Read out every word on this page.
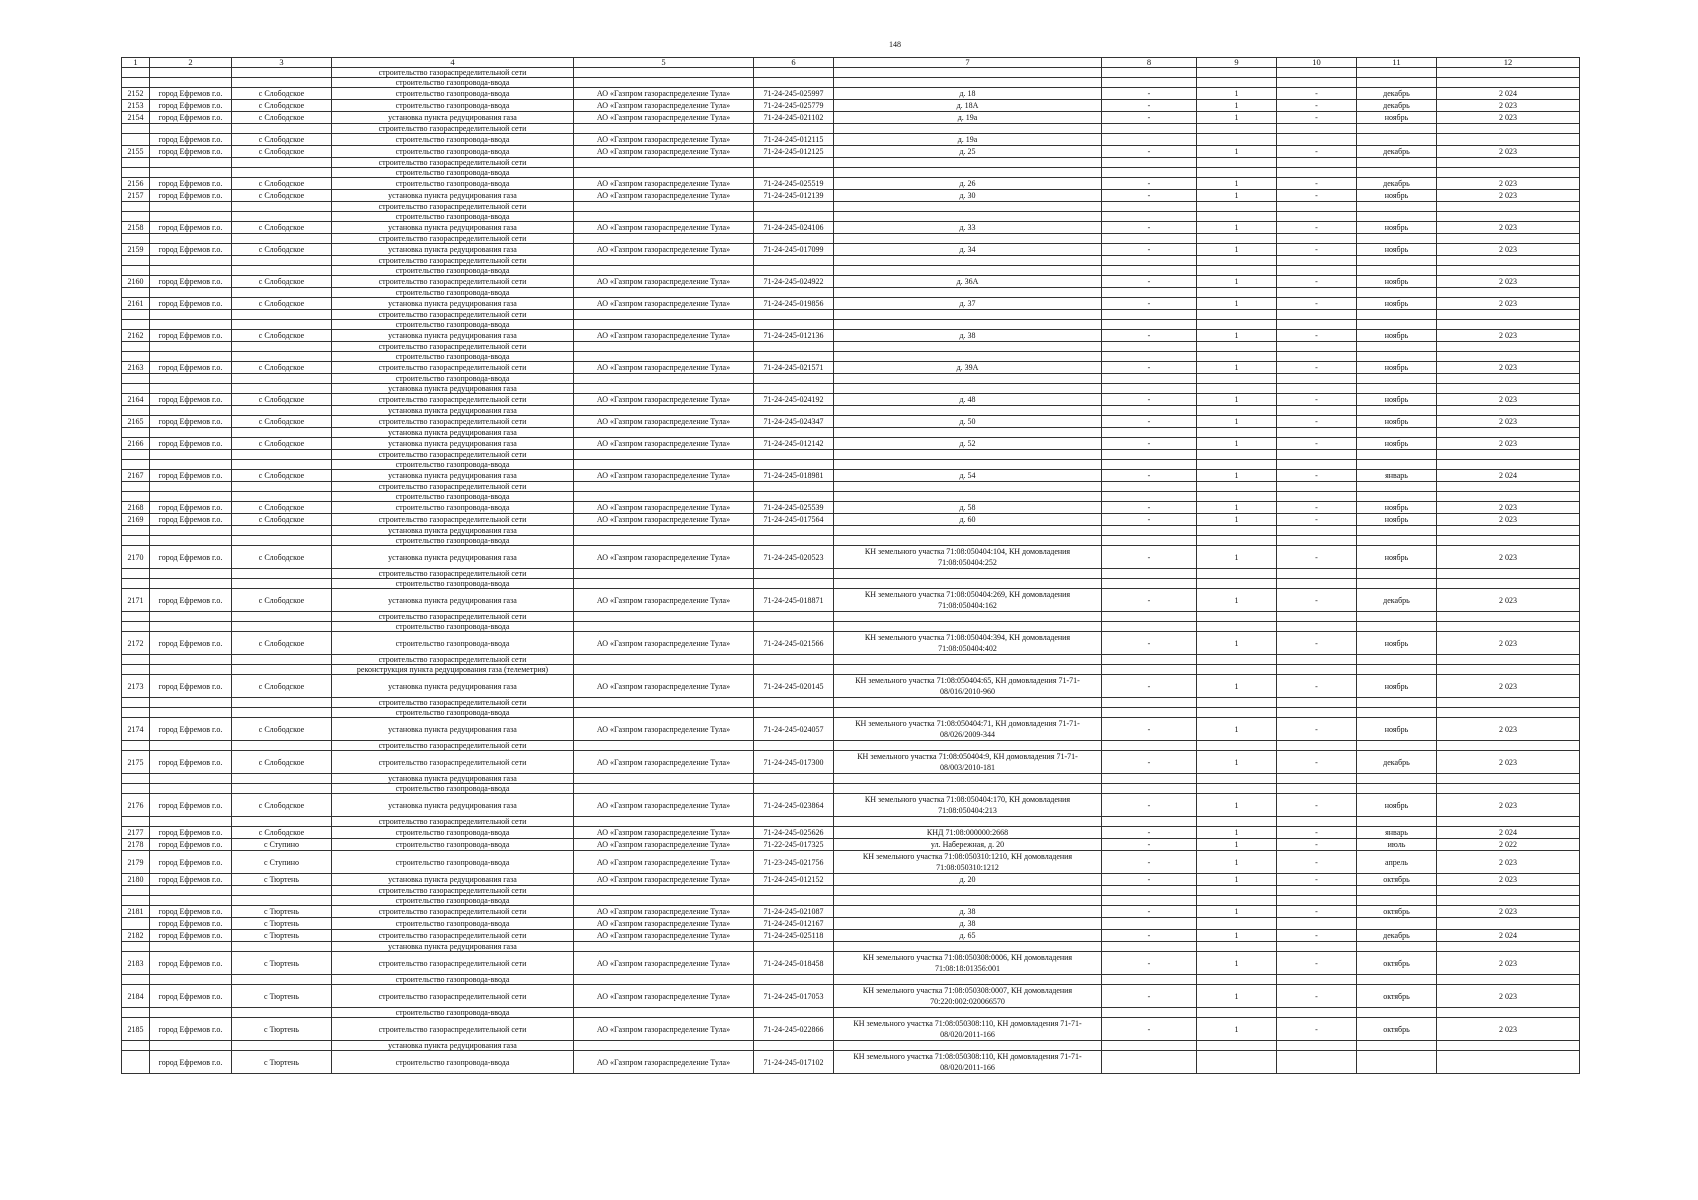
148
1	2	3	4	5	6	7	8	9	10	11	12
			строительство газораспределительной сети								
			строительство газопровода-ввода								
2152	город Ефремов г.о.	с Слободское	строительство газопровода-ввода	АО «Газпром газораспределение Тула»	71-24-245-025997	д. 18	-	1	-	декабрь	2 024
2153	город Ефремов г.о.	с Слободское	строительство газопровода-ввода	АО «Газпром газораспределение Тула»	71-24-245-025779	д. 18А	-	1	-	декабрь	2 023
2154	город Ефремов г.о.	с Слободское	установка пункта редуцирования газа	АО «Газпром газораспределение Тула»	71-24-245-021102	д. 19а	-	1	-	ноябрь	2 023
			строительство газораспределительной сети								
	город Ефремов г.о.	с Слободское	строительство газопровода-ввода	АО «Газпром газораспределение Тула»	71-24-245-012115	д. 19а					
2155	город Ефремов г.о.	с Слободское	строительство газопровода-ввода	АО «Газпром газораспределение Тула»	71-24-245-012125	д. 25	-	1	-	декабрь	2 023
			строительство газораспределительной сети								
			строительство газопровода-ввода								
2156	город Ефремов г.о.	с Слободское	строительство газопровода-ввода	АО «Газпром газораспределение Тула»	71-24-245-025519	д. 26	-	1	-	декабрь	2 023
2157	город Ефремов г.о.	с Слободское	установка пункта редуцирования газа	АО «Газпром газораспределение Тула»	71-24-245-012139	д. 30	-	1	-	ноябрь	2 023
			строительство газораспределительной сети								
			строительство газопровода-ввода								
2158	город Ефремов г.о.	с Слободское	установка пункта редуцирования газа	АО «Газпром газораспределение Тула»	71-24-245-024106	д. 33	-	1	-	ноябрь	2 023
			строительство газораспределительной сети								
2159	город Ефремов г.о.	с Слободское	установка пункта редуцирования газа	АО «Газпром газораспределение Тула»	71-24-245-017099	д. 34	-	1	-	ноябрь	2 023
			строительство газораспределительной сети								
			строительство газопровода-ввода								
2160	город Ефремов г.о.	с Слободское	строительство газораспределительной сети	АО «Газпром газораспределение Тула»	71-24-245-024922	д. 36А	-	1	-	ноябрь	2 023
			строительство газопровода-ввода								
2161	город Ефремов г.о.	с Слободское	установка пункта редуцирования газа	АО «Газпром газораспределение Тула»	71-24-245-019856	д. 37	-	1	-	ноябрь	2 023
			строительство газораспределительной сети								
			строительство газопровода-ввода								
2162	город Ефремов г.о.	с Слободское	установка пункта редуцирования газа	АО «Газпром газораспределение Тула»	71-24-245-012136	д. 38	-	1	-	ноябрь	2 023
			строительство газораспределительной сети								
			строительство газопровода-ввода								
2163	город Ефремов г.о.	с Слободское	строительство газораспределительной сети	АО «Газпром газораспределение Тула»	71-24-245-021571	д. 39А	-	1	-	ноябрь	2 023
			строительство газопровода-ввода								
			установка пункта редуцирования газа								
2164	город Ефремов г.о.	с Слободское	строительство газораспределительной сети	АО «Газпром газораспределение Тула»	71-24-245-024192	д. 48	-	1	-	ноябрь	2 023
			установка пункта редуцирования газа								
2165	город Ефремов г.о.	с Слободское	строительство газораспределительной сети	АО «Газпром газораспределение Тула»	71-24-245-024347	д. 50	-	1	-	ноябрь	2 023
			установка пункта редуцирования газа								
2166	город Ефремов г.о.	с Слободское	установка пункта редуцирования газа	АО «Газпром газораспределение Тула»	71-24-245-012142	д. 52	-	1	-	ноябрь	2 023
			строительство газораспределительной сети								
			строительство газопровода-ввода								
2167	город Ефремов г.о.	с Слободское	установка пункта редуцирования газа	АО «Газпром газораспределение Тула»	71-24-245-018981	д. 54	-	1	-	январь	2 024
			строительство газораспределительной сети								
			строительство газопровода-ввода								
2168	город Ефремов г.о.	с Слободское	строительство газопровода-ввода	АО «Газпром газораспределение Тула»	71-24-245-025539	д. 58	-	1	-	ноябрь	2 023
2169	город Ефремов г.о.	с Слободское	строительство газораспределительной сети	АО «Газпром газораспределение Тула»	71-24-245-017564	д. 60	-	1	-	ноябрь	2 023
			установка пункта редуцирования газа								
			строительство газопровода-ввода								
2170	город Ефремов г.о.	с Слободское	установка пункта редуцирования газа	АО «Газпром газораспределение Тула»	71-24-245-020523	КН земельного участка 71:08:050404:104, КН домовладения 71:08:050404:252	-	1	-	ноябрь	2 023
			строительство газораспределительной сети								
			строительство газопровода-ввода								
2171	город Ефремов г.о.	с Слободское	установка пункта редуцирования газа	АО «Газпром газораспределение Тула»	71-24-245-018871	КН земельного участка 71:08:050404:269, КН домовладения 71:08:050404:162	-	1	-	декабрь	2 023
			строительство газораспределительной сети								
			строительство газопровода-ввода								
2172	город Ефремов г.о.	с Слободское	строительство газопровода-ввода	АО «Газпром газораспределение Тула»	71-24-245-021566	КН земельного участка 71:08:050404:394, КН домовладения 71:08:050404:402	-	1	-	ноябрь	2 023
			строительство газораспределительной сети								
			реконструкция пункта редуцирования газа (телеметрия)								
2173	город Ефремов г.о.	с Слободское	установка пункта редуцирования газа	АО «Газпром газораспределение Тула»	71-24-245-020145	КН земельного участка 71:08:050404:65, КН домовладения 71-71-08/016/2010-960	-	1	-	ноябрь	2 023
			строительство газораспределительной сети								
			строительство газопровода-ввода								
2174	город Ефремов г.о.	с Слободское	установка пункта редуцирования газа	АО «Газпром газораспределение Тула»	71-24-245-024057	КН земельного участка 71:08:050404:71, КН домовладения 71-71-08/026/2009-344	-	1	-	ноябрь	2 023
			строительство газораспределительной сети								
2175	город Ефремов г.о.	с Слободское	строительство газораспределительной сети	АО «Газпром газораспределение Тула»	71-24-245-017300	КН земельного участка 71:08:050404:9, КН домовладения 71-71-08/003/2010-181	-	1	-	декабрь	2 023
			установка пункта редуцирования газа								
			строительство газопровода-ввода								
2176	город Ефремов г.о.	с Слободское	установка пункта редуцирования газа	АО «Газпром газораспределение Тула»	71-24-245-023864	КН земельного участка 71:08:050404:170, КН домовладения 71:08:050404:213	-	1	-	ноябрь	2 023
			строительство газораспределительной сети								
2177	город Ефремов г.о.	с Слободское	строительство газопровода-ввода	АО «Газпром газораспределение Тула»	71-24-245-025626	КНД 71:08:000000:2668	-	1	-	январь	2 024
2178	город Ефремов г.о.	с Ступино	строительство газопровода-ввода	АО «Газпром газораспределение Тула»	71-22-245-017325	ул. Набережная, д. 20	-	1	-	июль	2 022
2179	город Ефремов г.о.	с Ступино	строительство газопровода-ввода	АО «Газпром газораспределение Тула»	71-23-245-021756	КН земельного участка 71:08:050310:1210, КН домовладения 71:08:050310:1212	-	1	-	апрель	2 023
2180	город Ефремов г.о.	с Тюртень	установка пункта редуцирования газа	АО «Газпром газораспределение Тула»	71-24-245-012152	д. 20	-	1	-	октябрь	2 023
			строительство газораспределительной сети								
			строительство газопровода-ввода								
2181	город Ефремов г.о.	с Тюртень	строительство газораспределительной сети	АО «Газпром газораспределение Тула»	71-24-245-021087	д. 38	-	1	-	октябрь	2 023
	город Ефремов г.о.	с Тюртень	строительство газопровода-ввода	АО «Газпром газораспределение Тула»	71-24-245-012167	д. 38					
2182	город Ефремов г.о.	с Тюртень	строительство газораспределительной сети	АО «Газпром газораспределение Тула»	71-24-245-025118	д. 65	-	1	-	декабрь	2 024
			установка пункта редуцирования газа								
2183	город Ефремов г.о.	с Тюртень	строительство газораспределительной сети	АО «Газпром газораспределение Тула»	71-24-245-018458	КН земельного участка 71:08:050308:0006, КН домовладения 71:08:18:01356:001	-	1	-	октябрь	2 023
			строительство газопровода-ввода								
2184	город Ефремов г.о.	с Тюртень	строительство газораспределительной сети	АО «Газпром газораспределение Тула»	71-24-245-017053	КН земельного участка 71:08:050308:0007, КН домовладения 70:220:002:020066570	-	1	-	октябрь	2 023
			строительство газопровода-ввода								
2185	город Ефремов г.о.	с Тюртень	строительство газораспределительной сети	АО «Газпром газораспределение Тула»	71-24-245-022866	КН земельного участка 71:08:050308:110, КН домовладения 71-71-08/020/2011-166	-	1	-	октябрь	2 023
			установка пункта редуцирования газа								
	город Ефремов г.о.	с Тюртень	строительство газопровода-ввода	АО «Газпром газораспределение Тула»	71-24-245-017102	КН земельного участка 71:08:050308:110, КН домовладения 71-71-08/020/2011-166					
